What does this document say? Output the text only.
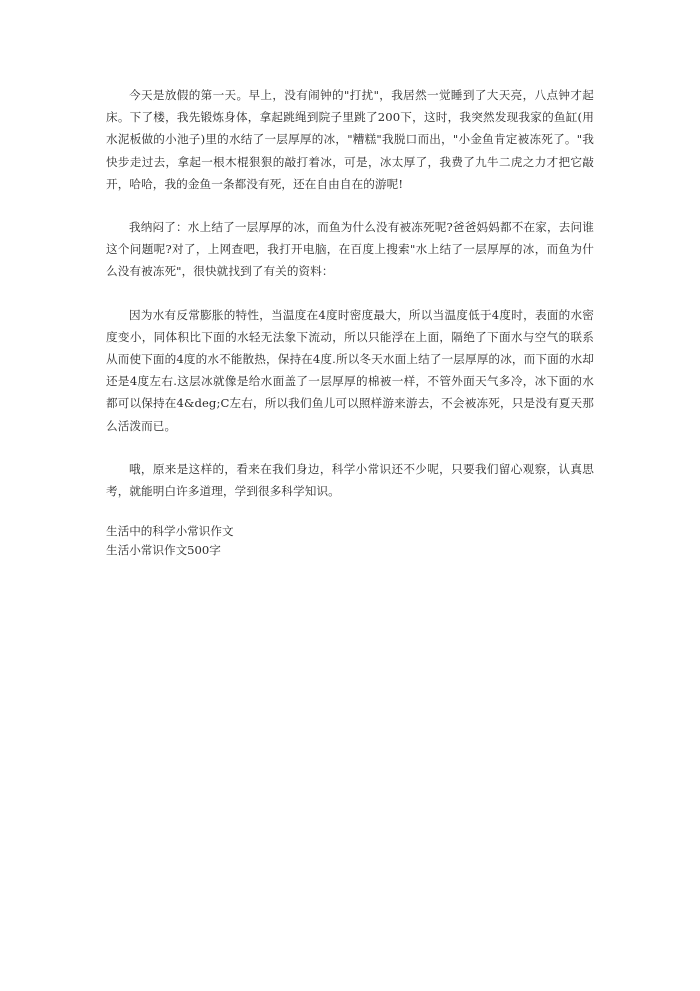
今天是放假的第一天。早上，没有闹钟的"打扰"，我居然一觉睡到了大天亮，八点钟才起床。下了楼，我先锻炼身体，拿起跳绳到院子里跳了200下，这时，我突然发现我家的鱼缸(用水泥板做的小池子)里的水结了一层厚厚的冰，"糟糕"我脱口而出，"小金鱼肯定被冻死了。"我快步走过去，拿起一根木棍狠狠的敲打着冰，可是，冰太厚了，我费了九牛二虎之力才把它敲开，哈哈，我的金鱼一条都没有死，还在自由自在的游呢!

我纳闷了：水上结了一层厚厚的冰，而鱼为什么没有被冻死呢?爸爸妈妈都不在家，去问谁这个问题呢?对了，上网查吧，我打开电脑，在百度上搜索"水上结了一层厚厚的冰，而鱼为什么没有被冻死"，很快就找到了有关的资料：

因为水有反常膨胀的特性，当温度在4度时密度最大，所以当温度低于4度时，表面的水密度变小，同体积比下面的水轻无法象下流动，所以只能浮在上面，隔绝了下面水与空气的联系从而使下面的4度的水不能散热，保持在4度.所以冬天水面上结了一层厚厚的冰，而下面的水却还是4度左右.这层冰就像是给水面盖了一层厚厚的棉被一样，不管外面天气多冷，冰下面的水都可以保持在4&deg;C左右，所以我们鱼儿可以照样游来游去，不会被冻死，只是没有夏天那么活泼而已。

哦，原来是这样的，看来在我们身边，科学小常识还不少呢，只要我们留心观察，认真思考，就能明白许多道理，学到很多科学知识。

生活中的科学小常识作文
生活小常识作文500字
